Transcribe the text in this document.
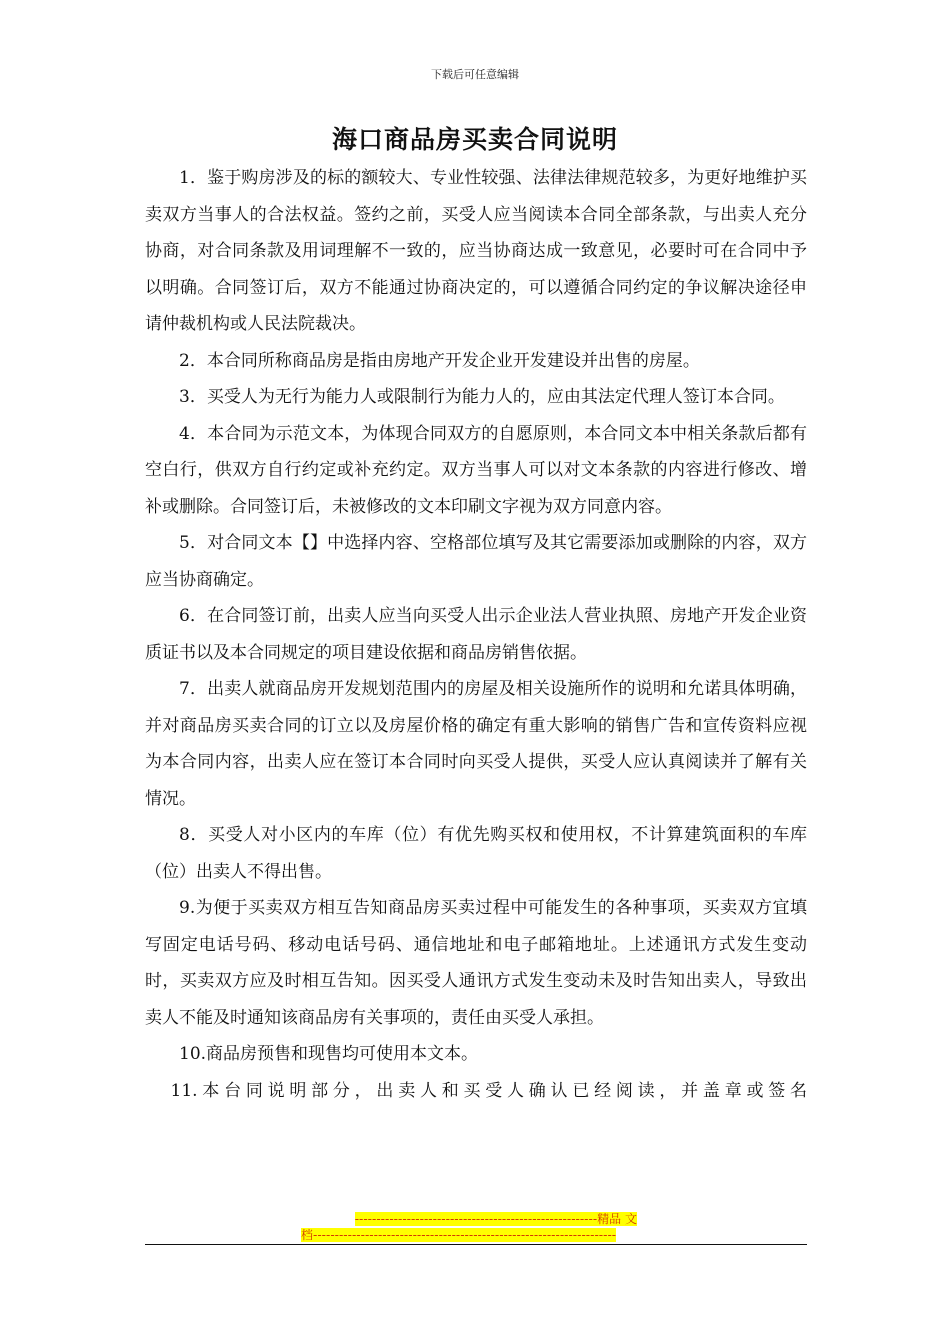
下载后可任意编辑
海口商品房买卖合同说明

1．鉴于购房涉及的标的额较大、专业性较强、法律法律规范较多，为更好地维护买卖双方当事人的合法权益。签约之前，买受人应当阅读本合同全部条款，与出卖人充分协商，对合同条款及用词理解不一致的，应当协商达成一致意见，必要时可在合同中予以明确。合同签订后，双方不能通过协商决定的，可以遵循合同约定的争议解决途径申请仲裁机构或人民法院裁决。

2．本合同所称商品房是指由房地产开发企业开发建设并出售的房屋。

3．买受人为无行为能力人或限制行为能力人的，应由其法定代理人签订本合同。

4．本合同为示范文本，为体现合同双方的自愿原则，本合同文本中相关条款后都有空白行，供双方自行约定或补充约定。双方当事人可以对文本条款的内容进行修改、增补或删除。合同签订后，未被修改的文本印刷文字视为双方同意内容。

5．对合同文本【】中选择内容、空格部位填写及其它需要添加或删除的内容，双方应当协商确定。

6．在合同签订前，出卖人应当向买受人出示企业法人营业执照、房地产开发企业资质证书以及本合同规定的项目建设依据和商品房销售依据。

7．出卖人就商品房开发规划范围内的房屋及相关设施所作的说明和允诺具体明确，并对商品房买卖合同的订立以及房屋价格的确定有重大影响的销售广告和宣传资料应视为本合同内容，出卖人应在签订本合同时向买受人提供，买受人应认真阅读并了解有关情况。

8．买受人对小区内的车库（位）有优先购买权和使用权，不计算建筑面积的车库（位）出卖人不得出售。

9.为便于买卖双方相互告知商品房买卖过程中可能发生的各种事项，买卖双方宜填写固定电话号码、移动电话号码、通信地址和电子邮箱地址。上述通讯方式发生变动时，买卖双方应及时相互告知。因买受人通讯方式发生变动未及时告知出卖人，导致出卖人不能及时通知该商品房有关事项的，责任由买受人承担。

10.商品房预售和现售均可使用本文本。

11.本台同说明部分，出卖人和买受人确认已经阅读，并盖章或签名

--------------------------------------------------------精品 文
档----------------------------------------------------------------------
